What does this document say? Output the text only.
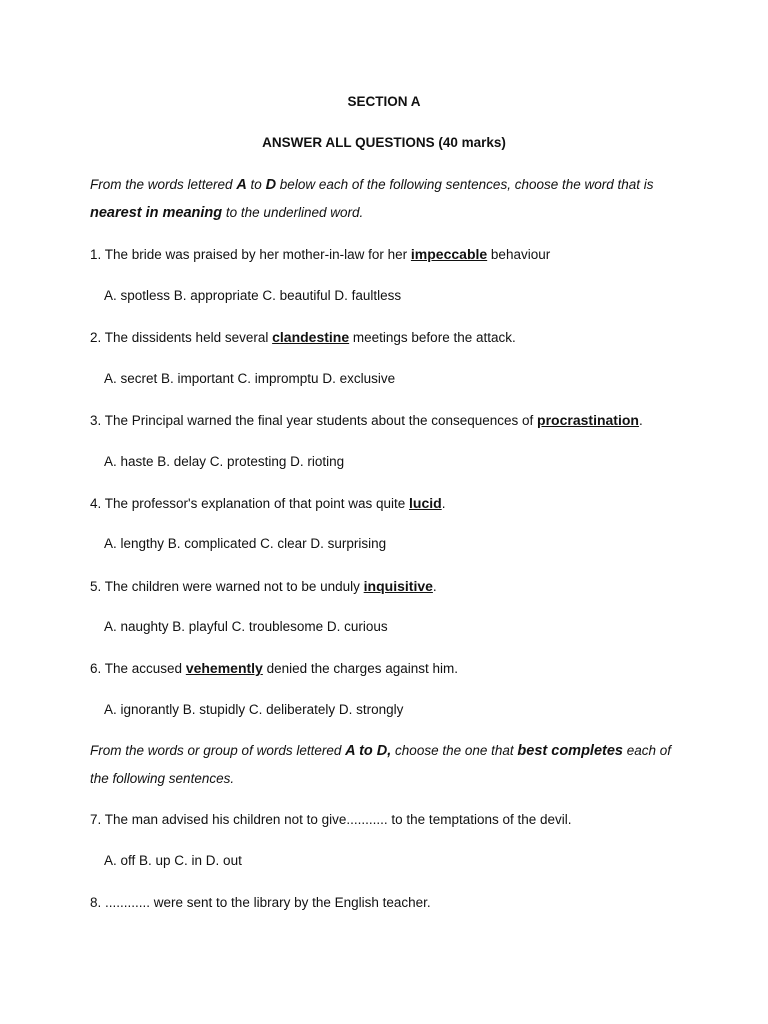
SECTION A
ANSWER ALL QUESTIONS (40 marks)
From the words lettered A to D below each of the following sentences, choose the word that is
nearest in meaning to the underlined word.
1. The bride was praised by her mother-in-law for her impeccable behaviour
A. spotless B. appropriate C. beautiful D. faultless
2. The dissidents held several clandestine meetings before the attack.
A. secret B. important C. impromptu D. exclusive
3. The Principal warned the final year students about the consequences of procrastination.
A. haste B. delay C. protesting D. rioting
4. The professor's explanation of that point was quite lucid.
A. lengthy B. complicated C. clear D. surprising
5. The children were warned not to be unduly inquisitive.
A. naughty B. playful C. troublesome D. curious
6. The accused vehemently denied the charges against him.
A. ignorantly B. stupidly C. deliberately D. strongly
From the words or group of words lettered A to D, choose the one that best completes each of
the following sentences.
7. The man advised his children not to give........... to the temptations of the devil.
A. off B. up C. in D. out
8. ............ were sent to the library by the English teacher.
